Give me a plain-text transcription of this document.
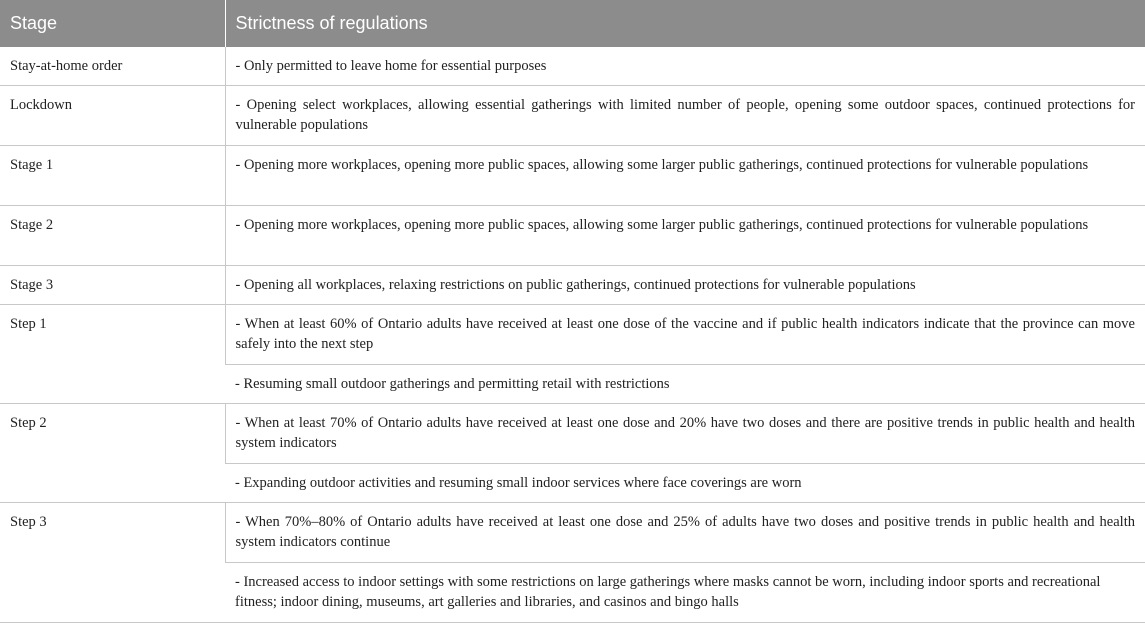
Stage	Strictness of regulations
Stay-at-home order	- Only permitted to leave home for essential purposes
Lockdown	- Opening select workplaces, allowing essential gatherings with limited number of people, opening some outdoor spaces, continued protections for vulnerable populations
Stage 1	- Opening more workplaces, opening more public spaces, allowing some larger public gatherings, continued protections for vulnerable populations
Stage 2	- Opening more workplaces, opening more public spaces, allowing some larger public gatherings, continued protections for vulnerable populations
Stage 3	- Opening all workplaces, relaxing restrictions on public gatherings, continued protections for vulnerable populations
Step 1	- When at least 60% of Ontario adults have received at least one dose of the vaccine and if public health indicators indicate that the province can move safely into the next step
	- Resuming small outdoor gatherings and permitting retail with restrictions
Step 2	- When at least 70% of Ontario adults have received at least one dose and 20% have two doses and there are positive trends in public health and health system indicators
	- Expanding outdoor activities and resuming small indoor services where face coverings are worn
Step 3	- When 70%–80% of Ontario adults have received at least one dose and 25% of adults have two doses and positive trends in public health and health system indicators continue
	- Increased access to indoor settings with some restrictions on large gatherings where masks cannot be worn, including indoor sports and recreational fitness; indoor dining, museums, art galleries and libraries, and casinos and bingo halls
